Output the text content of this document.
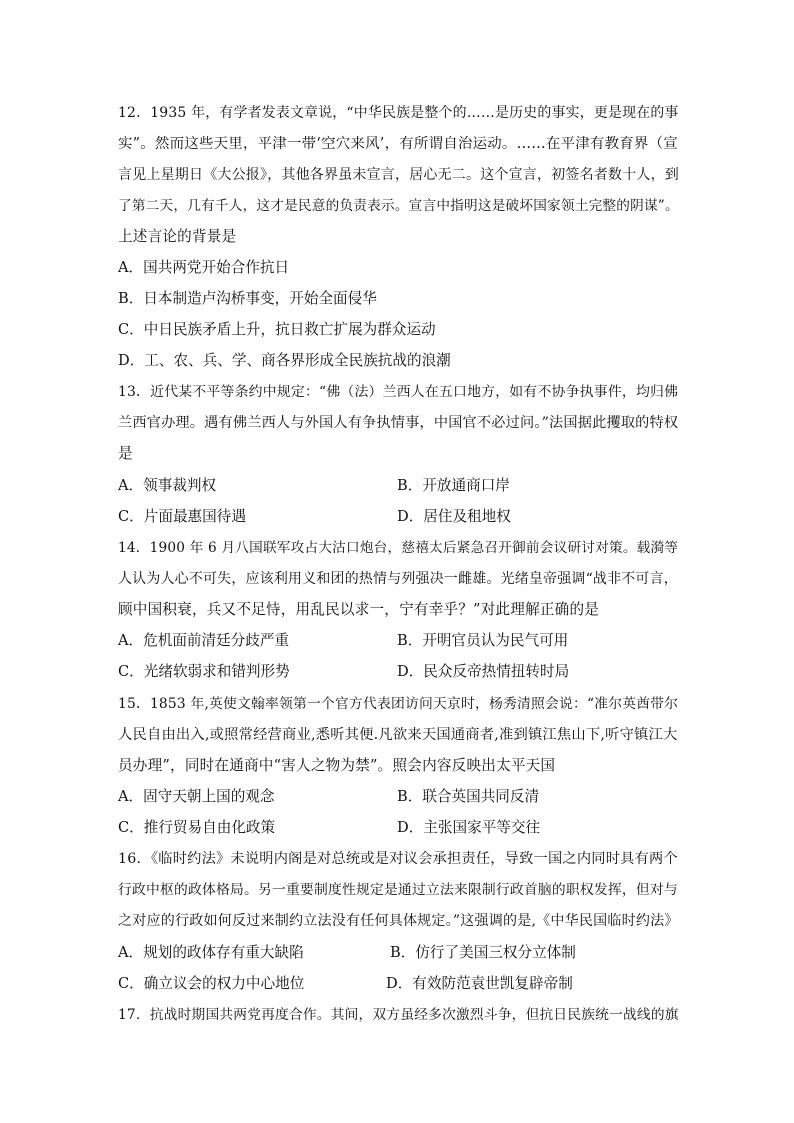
12．1935 年，有学者发表文章说，“中华民族是整个的……是历史的事实，更是现在的事
实”。然而这些天里，平津一带‘空穴来风’，有所谓自治运动。……在平津有教育界（宣
言见上星期日《大公报》，其他各界虽未宣言，居心无二。这个宣言，初签名者数十人，到
了第二天，几有千人，这才是民意的负责表示。宣言中指明这是破坏国家领土完整的阴谋”。
上述言论的背景是
A．国共两党开始合作抗日
B．日本制造卢沟桥事变，开始全面侵华
C．中日民族矛盾上升，抗日救亡扩展为群众运动
D．工、农、兵、学、商各界形成全民族抗战的浪潮
13．近代某不平等条约中规定：“佛（法）兰西人在五口地方，如有不协争执事件，均归佛
兰西官办理。遇有佛兰西人与外国人有争执情事，中国官不必过问。”法国据此攫取的特权
是
A．领事裁判权	B．开放通商口岸
C．片面最惠国待遇	D．居住及租地权
14．1900 年 6 月八国联军攻占大沽口炮台，慈禧太后紧急召开御前会议研讨对策。载漪等
人认为人心不可失，应该利用义和团的热情与列强决一雌雄。光绪皇帝强调“战非不可言，
顾中国积衰，兵又不足恃，用乱民以求一，宁有幸乎？”对此理解正确的是
A．危机面前清廷分歧严重	B．开明官员认为民气可用
C．光绪软弱求和错判形势	D．民众反帝热情扭转时局
15．1853 年,英使文翰率领第一个官方代表团访问天京时，杨秀清照会说：“准尔英酋带尔
人民自由出入,或照常经营商业,悉听其便.凡欲来天国通商者,准到镇江焦山下,听守镇江大
员办理”，同时在通商中“害人之物为禁”。照会内容反映出太平天国
A．固守天朝上国的观念	B．联合英国共同反清
C．推行贸易自由化政策	D．主张国家平等交往
16．《临时约法》未说明内阁是对总统或是对议会承担责任，导致一国之内同时具有两个
行政中枢的政体格局。另一重要制度性规定是通过立法来限制行政首脑的职权发挥，但对与
之对应的行政如何反过来制约立法没有任何具体规定。”这强调的是,《中华民国临时约法》
A．规划的政体存有重大缺陷	B．仿行了美国三权分立体制
C．确立议会的权力中心地位	D．有效防范袁世凯复辟帝制
17．抗战时期国共两党再度合作。其间，双方虽经多次激烈斗争，但抗日民族统一战线的旗
